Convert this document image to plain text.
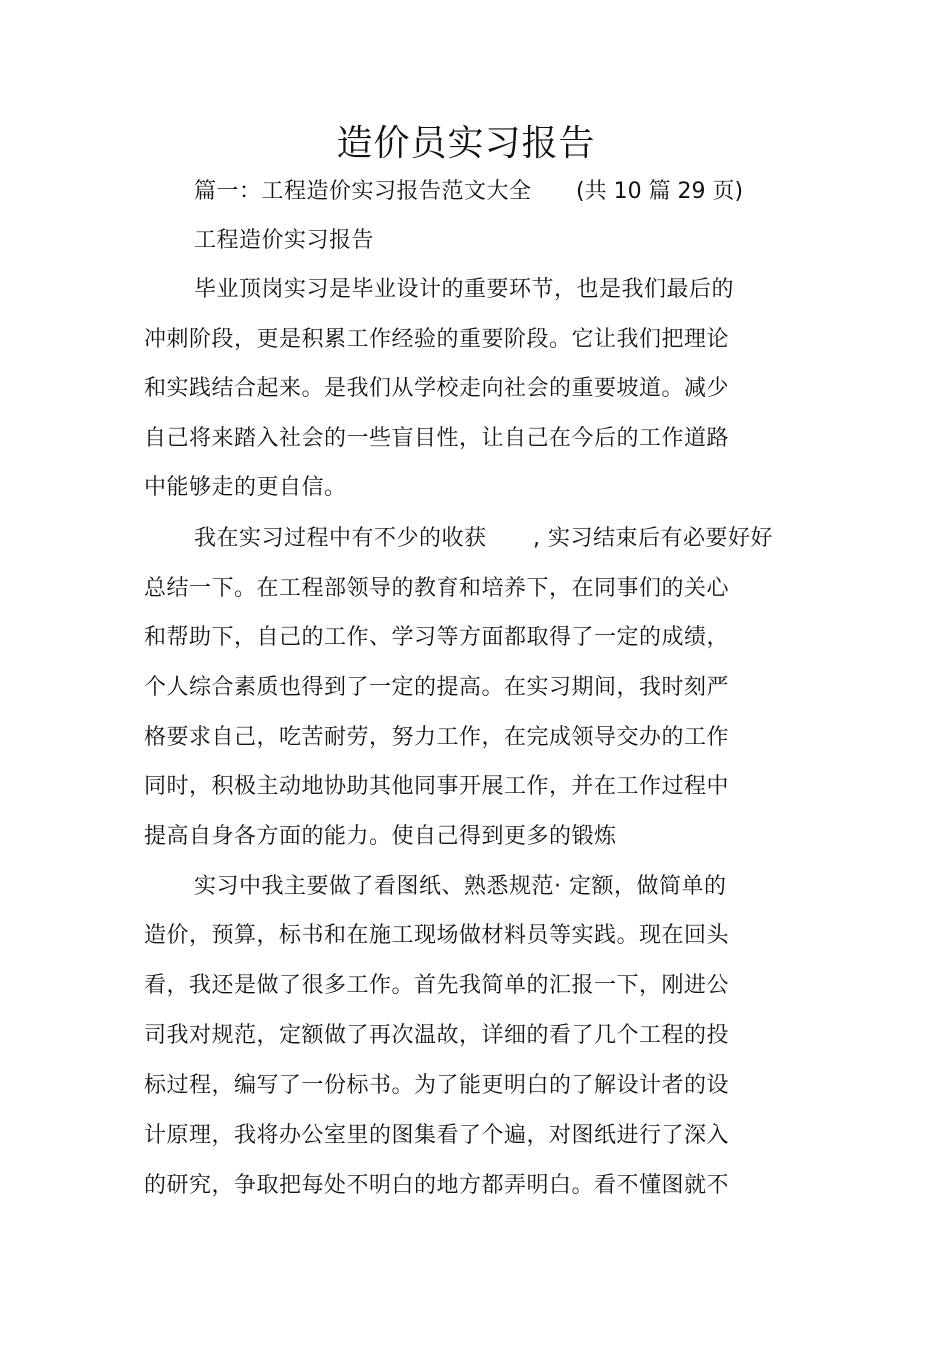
造价员实习报告
篇一：工程造价实习报告范文大全 (共 10 篇 29 页)
工程造价实习报告
毕业顶岗实习是毕业设计的重要环节，也是我们最后的
冲刺阶段，更是积累工作经验的重要阶段。它让我们把理论
和实践结合起来。是我们从学校走向社会的重要坡道。减少
自己将来踏入社会的一些盲目性，让自己在今后的工作道路
中能够走的更自信。
我在实习过程中有不少的收获 , 实习结束后有必要好好
总结一下。在工程部领导的教育和培养下，在同事们的关心
和帮助下，自己的工作、学习等方面都取得了一定的成绩，
个人综合素质也得到了一定的提高。在实习期间，我时刻严
格要求自己，吃苦耐劳，努力工作，在完成领导交办的工作
同时，积极主动地协助其他同事开展工作，并在工作过程中
提高自身各方面的能力。使自己得到更多的锻炼
实习中我主要做了看图纸、熟悉规范· 定额，做简单的
造价，预算，标书和在施工现场做材料员等实践。现在回头
看，我还是做了很多工作。首先我简单的汇报一下，刚进公
司我对规范，定额做了再次温故，详细的看了几个工程的投
标过程，编写了一份标书。为了能更明白的了解设计者的设
计原理，我将办公室里的图集看了个遍，对图纸进行了深入
的研究，争取把每处不明白的地方都弄明白。看不懂图就不
